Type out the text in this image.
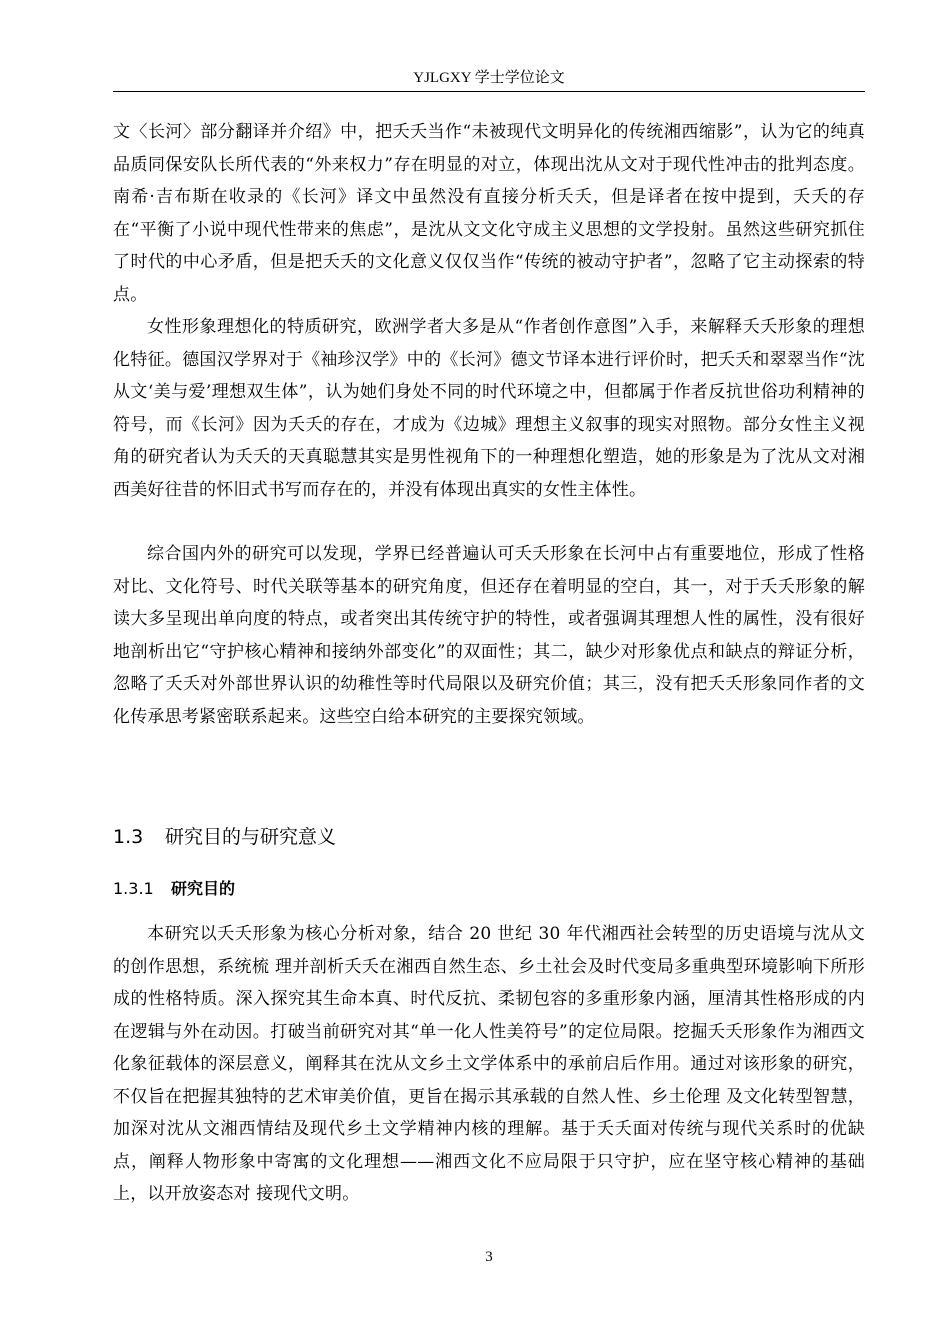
YJLGXY 学士学位论文

文〈长河〉部分翻译并介绍》中，把夭夭当作“未被现代文明异化的传统湘西缩影”，认为它的纯真品质同保安队长所代表的“外来权力”存在明显的对立，体现出沈从文对于现代性冲击的批判态度。南希·吉布斯在收录的《长河》译文中虽然没有直接分析夭夭，但是译者在按中提到，夭夭的存在“平衡了小说中现代性带来的焦虑”，是沈从文文化守成主义思想的文学投射。虽然这些研究抓住了时代的中心矛盾，但是把夭夭的文化意义仅仅当作“传统的被动守护者”，忽略了它主动探索的特点。

女性形象理想化的特质研究，欧洲学者大多是从“作者创作意图”入手，来解释夭夭形象的理想化特征。德国汉学界对于《袖珍汉学》中的《长河》德文节译本进行评价时，把夭夭和翠翠当作“沈从文‘美与爱’理想双生体”，认为她们身处不同的时代环境之中，但都属于作者反抗世俗功利精神的符号，而《长河》因为夭夭的存在，才成为《边城》理想主义叙事的现实对照物。部分女性主义视角的研究者认为夭夭的天真聪慧其实是男性视角下的一种理想化塑造，她的形象是为了沈从文对湘西美好往昔的怀旧式书写而存在的，并没有体现出真实的女性主体性。

综合国内外的研究可以发现，学界已经普遍认可夭夭形象在长河中占有重要地位，形成了性格对比、文化符号、时代关联等基本的研究角度，但还存在着明显的空白，其一，对于夭夭形象的解读大多呈现出单向度的特点，或者突出其传统守护的特性，或者强调其理想人性的属性，没有很好地剖析出它“守护核心精神和接纳外部变化”的双面性；其二，缺少对形象优点和缺点的辩证分析，忽略了夭夭对外部世界认识的幼稚性等时代局限以及研究价值；其三，没有把夭夭形象同作者的文化传承思考紧密联系起来。这些空白给本研究的主要探究领域。

1.3 研究目的与研究意义
1.3.1 研究目的

本研究以夭夭形象为核心分析对象，结合 20 世纪 30 年代湘西社会转型的历史语境与沈从文的创作思想，系统梳 理并剖析夭夭在湘西自然生态、乡土社会及时代变局多重典型环境影响下所形成的性格特质。深入探究其生命本真、时代反抗、柔韧包容的多重形象内涵，厘清其性格形成的内在逻辑与外在动因。打破当前研究对其“单一化人性美符号”的定位局限。挖掘夭夭形象作为湘西文化象征载体的深层意义，阐释其在沈从文乡土文学体系中的承前启后作用。通过对该形象的研究，不仅旨在把握其独特的艺术审美价值，更旨在揭示其承载的自然人性、乡土伦理 及文化转型智慧，加深对沈从文湘西情结及现代乡土文学精神内核的理解。基于夭夭面对传统与现代关系时的优缺 点，阐释人物形象中寄寓的文化理想——湘西文化不应局限于只守护，应在坚守核心精神的基础上，以开放姿态对 接现代文明。

3
